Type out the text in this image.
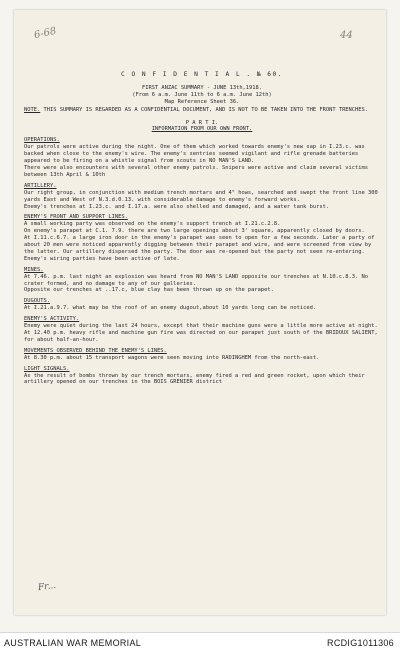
6-68	44
C O N F I D E N T I A L . № 60.
FIRST ANZAC SUMMARY - JUNE 13th,1918.
(From 6 a.m. June 11th to 6 a.m. June 12th)
Map Reference Sheet 36.
NOTE. THIS SUMMARY IS REGARDED AS A CONFIDENTIAL DOCUMENT, AND IS NOT TO BE TAKEN INTO THE FRONT TRENCHES.
P A R T I.
INFORMATION FROM OUR OWN FRONT.
OPERATIONS.

Our patrols were active during the night. One of them which worked towards enemy's new sap in I.23.c. was backed when close to the enemy's wire. The enemy's sentries seemed vigilant and rifle grenade batteries appeared to be firing on a whistle signal from scouts in NO MAN'S LAND.

There were also encounters with several other enemy patrols. Snipers were active and claim several victims between 13th April & 10th

ARTILLERY.

Our right group, in conjunction with medium trench mortars and 4" hows, searched and swept the front line 300 yards East and West of N.3.d.0.13. with considerable damage to enemy's forward works.

Enemy's trenches at I.23.c. and I.17.a. were also shelled and damaged, and a water tank burst.

ENEMY'S FRONT AND SUPPORT LINES.

A small working party was observed on the enemy's support trench at I.21.c.2.8.

On enemy's parapet at C.1. 7.9. there are two large openings about 3' square, apparently closed by doors.

At I.11.c.6.7. a large iron door in the enemy's parapet was seen to open for a few seconds. Later a party of about 20 men were noticed apparently digging between their parapet and wire, and were screened from view by the latter. Our artillery dispersed the party. The door was re-opened but the party not seen re-entering.

Enemy's wiring parties have been active of late.

MINES.

At 7.46. p.m. last night an explosion was heard from NO MAN'S LAND opposite our trenches at N.10.c.8.3. No crater formed, and no damage to any of our galleries.

Opposite our trenches at ..17.c, blue clay has been thrown up on the parapet.

DUGOUTS.

At I.21.a.9.7. what may be the roof of an enemy dugout,about 10 yards long can be noticed.

ENEMY'S ACTIVITY.

Enemy were quiet during the last 24 hours, except that their machine guns were a little more active at night.

At 12.40 p.m. heavy rifle and machine gun fire was directed on our parapet just south of the BRIDOUX SALIENT, for about half-an-hour.

MOVEMENTS OBSERVED BEHIND THE ENEMY'S LINES.

At 8.30 p.m. about 15 transport wagons were seen moving into RADINGHEM from the north-east.

LIGHT SIGNALS.

As the result of bombs thrown by our trench mortars, enemy fired a red and green rocket, upon which their artillery opened on our trenches in the BOIS GRENIER district

Fr...
AUSTRALIAN WAR MEMORIAL	RCDIG1011306
